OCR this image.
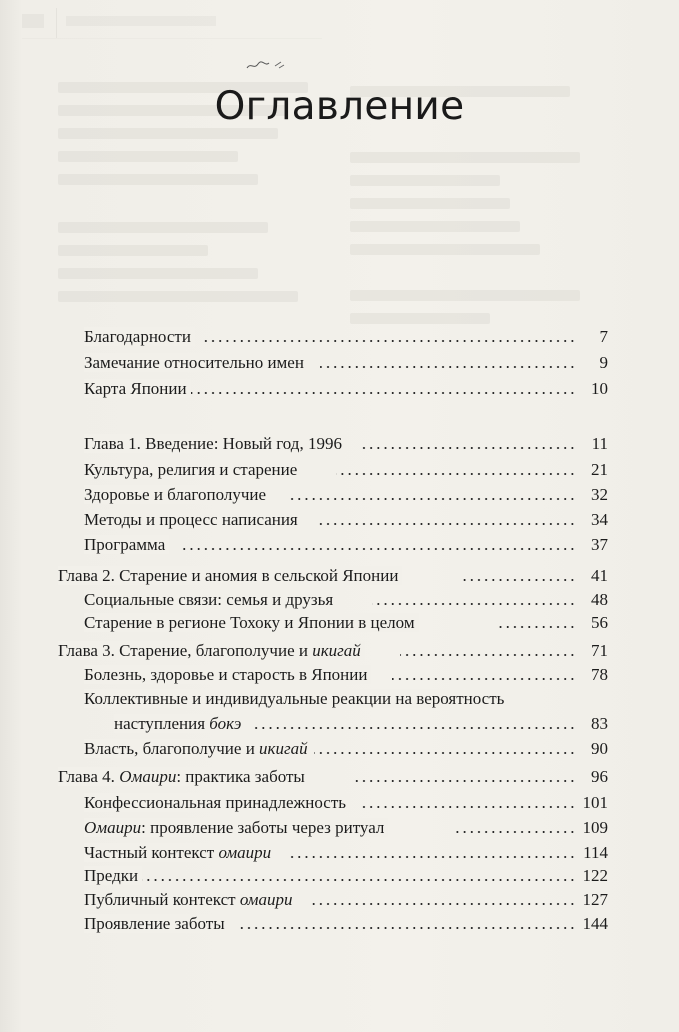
Оглавление
Благодарности	7
Замечание относительно имен	9
Карта Японии	10
Глава 1. Введение: Новый год, 1996	11
Культура, религия и старение	21
Здоровье и благополучие	32
Методы и процесс написания	34
Программа	37
Глава 2. Старение и аномия в сельской Японии	41
Социальные связи: семья и друзья	48
Старение в регионе Тохоку и Японии в целом	56
Глава 3. Старение, благополучие и икигай	71
Болезнь, здоровье и старость в Японии	78
Коллективные и индивидуальные реакции на вероятность
наступления бокэ	83
Власть, благополучие и икигай	90
Глава 4. Омаири: практика заботы	96
Конфессиональная принадлежность	101
Омаири: проявление заботы через ритуал	109
Частный контекст омаири	114
Предки	122
Публичный контекст омаири	127
Проявление заботы	144
